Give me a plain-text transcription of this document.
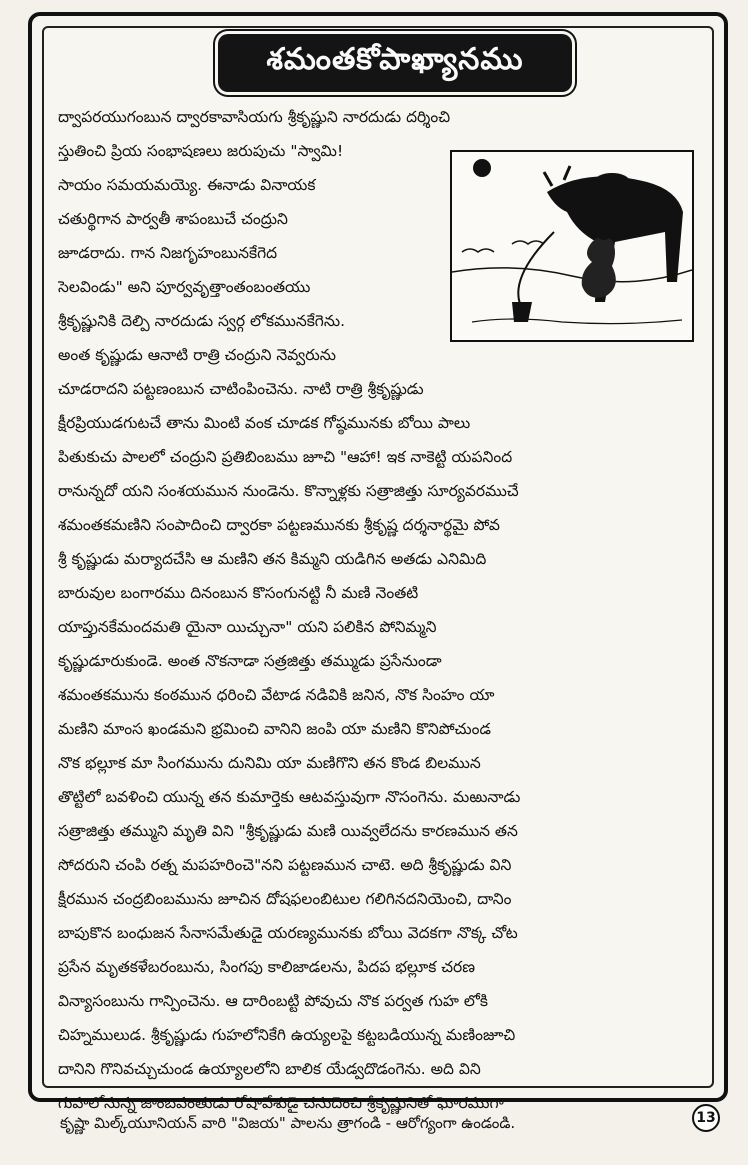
శమంతకోపాఖ్యానము
ద్వాపరయుగంబున ద్వారకావాసియగు శ్రీకృష్ణుని నారదుడు దర్శించి
స్తుతించి ప్రియ సంభాషణలు జరుపుచు "స్వామి!
సాయం సమయమయ్యె. ఈనాడు వినాయక
చతుర్థిగాన పార్వతీ శాపంబుచే చంద్రుని
జూడరాదు. గాన నిజగృహంబునకేగెద
సెలవిండు" అని పూర్వవృత్తాంతంబంతయు
శ్రీకృష్ణునికి దెల్పి నారదుడు స్వర్గ లోకమునకేగెను.
అంత కృష్ణుడు ఆనాటి రాత్రి చంద్రుని నెవ్వరును
చూడరాదని పట్టణంబున చాటింపించెను. నాటి రాత్రి శ్రీకృష్ణుడు
క్షీరప్రియుడగుటచే తాను మింటి వంక చూడక గోష్ఠమునకు బోయి పాలు
పితుకుచు పాలలో చంద్రుని ప్రతిబింబము జూచి "ఆహా! ఇక నాకెట్టి యపనింద
రానున్నదో యని సంశయమున నుండెను. కొన్నాళ్లకు సత్రాజిత్తు సూర్యవరముచే
శమంతకమణిని సంపాదించి ద్వారకా పట్టణమునకు శ్రీకృష్ణ దర్శనార్థమై పోవ
శ్రీ కృష్ణుడు మర్యాదచేసి ఆ మణిని తన కిమ్మని యడిగిన అతడు ఎనిమిది
బారువుల బంగారము దినంబున కొసంగునట్టి నీ మణి నెంతటి
యాప్తునకేమందమతి యైనా యిచ్చునా" యని పలికిన పోనిమ్మని
కృష్ణుడూరుకుండె. అంత నొకనాడా సత్రజిత్తు తమ్ముడు ప్రసేనుండా
శమంతకమును కంఠమున ధరించి వేటాడ నడివికి జనిన, నొక సింహం యా
మణిని మాంస ఖండమని భ్రమించి వానిని జంపి యా మణిని కొనిపోచుండ
నొక భల్లూక మా సింగమును దునిమి యా మణిగొని తన కొండ బిలమున
తొట్టిలో బవళించి యున్న తన కుమార్తెకు ఆటవస్తువుగా నొసంగెను. మఱునాడు
సత్రాజిత్తు తమ్ముని మృతి విని "శ్రీకృష్ణుడు మణి యివ్వలేదను కారణమున తన
సోదరుని చంపి రత్న మపహరించె"నని పట్టణమున చాటె. అది శ్రీకృష్ణుడు విని
క్షీరమున చంద్రబింబమును జూచిన దోషఫలంబిటుల గలిగినదనియెంచి, దానిం
బాపుకొన బంధుజన సేనాసమేతుడై యరణ్యమునకు బోయి వెదకగా నొక్క చోట
ప్రసేన మృతకళేబరంబును, సింగపు కాలిజాడలను, పిదప భల్లూక చరణ
విన్యాసంబును గాన్పించెను. ఆ దారింబట్టి పోవుచు నొక పర్వత గుహ లోకి
చిహ్నములుడ. శ్రీకృష్ణుడు గుహలోనికేగి ఉయ్యలపై కట్టబడియున్న మణింజూచి
దానిని గొనివచ్చుచుండ ఉయ్యాలలోని బాలిక యేడ్వదొడంగెను. అది విని
గుహలోనున్న జాంబవంతుడు రోషావేశుడై చనుదెంచి శ్రీకృష్ణునితో ఘోరముగా
కృష్ణా మిల్క్‌యూనియన్ వారి "విజయ" పాలను త్రాగండి - ఆరోగ్యంగా ఉండండి.	13
